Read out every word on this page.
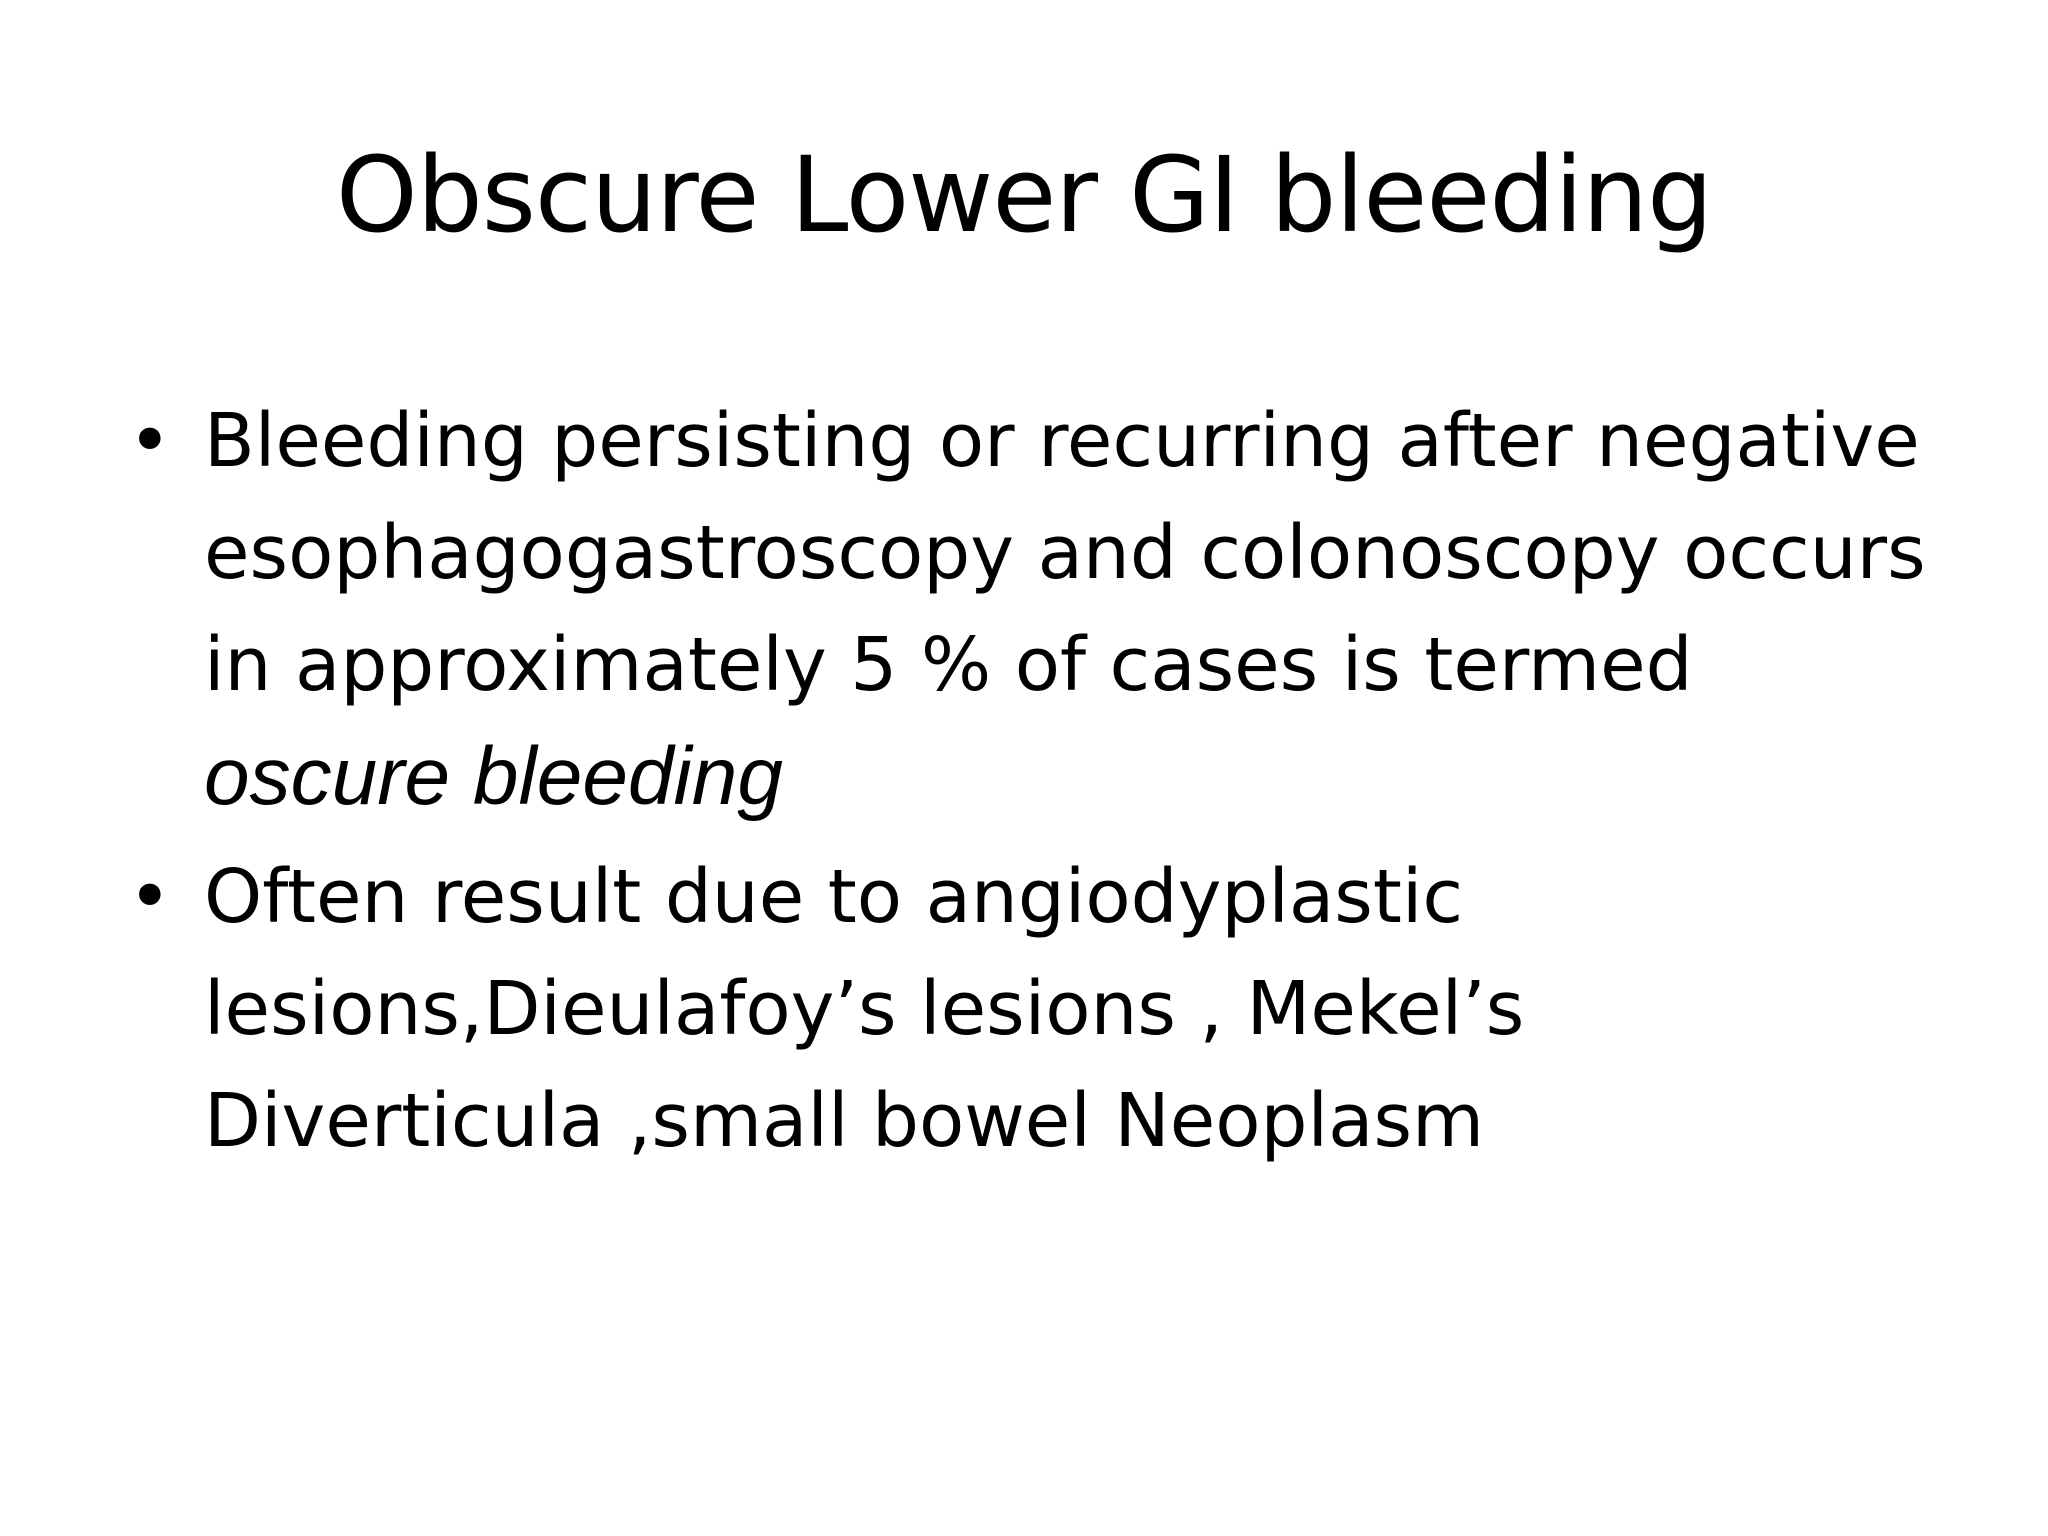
Obscure Lower GI bleeding
• Bleeding persisting or recurring after negative
esophagogastroscopy and colonoscopy occurs
in approximately 5 % of cases is termed
oscure bleeding
• Often result due to angiodyplastic
lesions,Dieulafoy’s lesions , Mekel’s
Diverticula ,small bowel Neoplasm
